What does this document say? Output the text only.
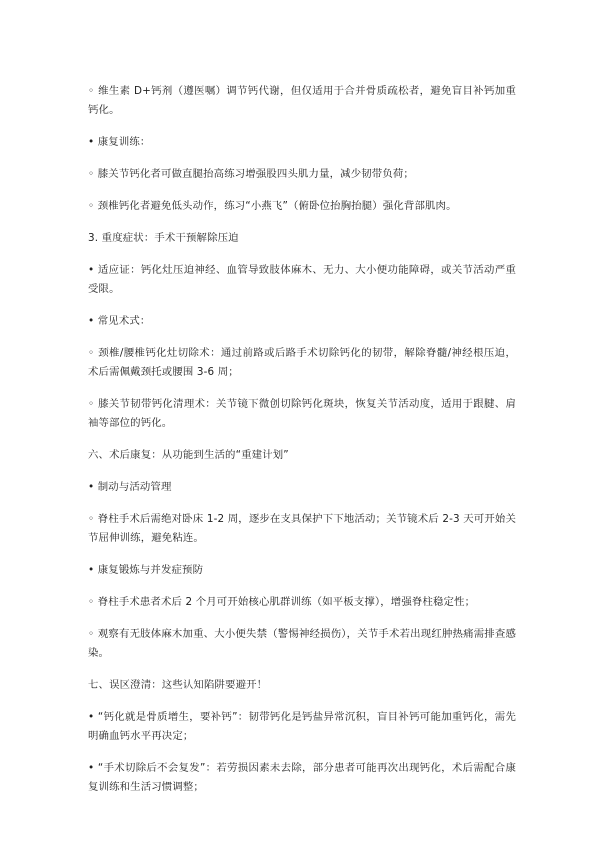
◦ 维生素 D+钙剂（遵医嘱）调节钙代谢，但仅适用于合并骨质疏松者，避免盲目补钙加重钙化。

• 康复训练：

◦ 膝关节钙化者可做直腿抬高练习增强股四头肌力量，减少韧带负荷；

◦ 颈椎钙化者避免低头动作，练习“小燕飞”（俯卧位抬胸抬腿）强化背部肌肉。

3. 重度症状：手术干预解除压迫

• 适应证：钙化灶压迫神经、血管导致肢体麻木、无力、大小便功能障碍，或关节活动严重受限。

• 常见术式：

◦ 颈椎/腰椎钙化灶切除术：通过前路或后路手术切除钙化的韧带，解除脊髓/神经根压迫，术后需佩戴颈托或腰围 3-6 周；

◦ 膝关节韧带钙化清理术：关节镜下微创切除钙化斑块，恢复关节活动度，适用于跟腱、肩袖等部位的钙化。

六、术后康复：从功能到生活的“重建计划”

• 制动与活动管理

◦ 脊柱手术后需绝对卧床 1-2 周，逐步在支具保护下下地活动；关节镜术后 2-3 天可开始关节屈伸训练，避免粘连。

• 康复锻炼与并发症预防

◦ 脊柱手术患者术后 2 个月可开始核心肌群训练（如平板支撑），增强脊柱稳定性；

◦ 观察有无肢体麻木加重、大小便失禁（警惕神经损伤），关节手术若出现红肿热痛需排查感染。

七、误区澄清：这些认知陷阱要避开！

• “钙化就是骨质增生，要补钙”：韧带钙化是钙盐异常沉积，盲目补钙可能加重钙化，需先明确血钙水平再决定；

• “手术切除后不会复发”：若劳损因素未去除，部分患者可能再次出现钙化，术后需配合康复训练和生活习惯调整；
